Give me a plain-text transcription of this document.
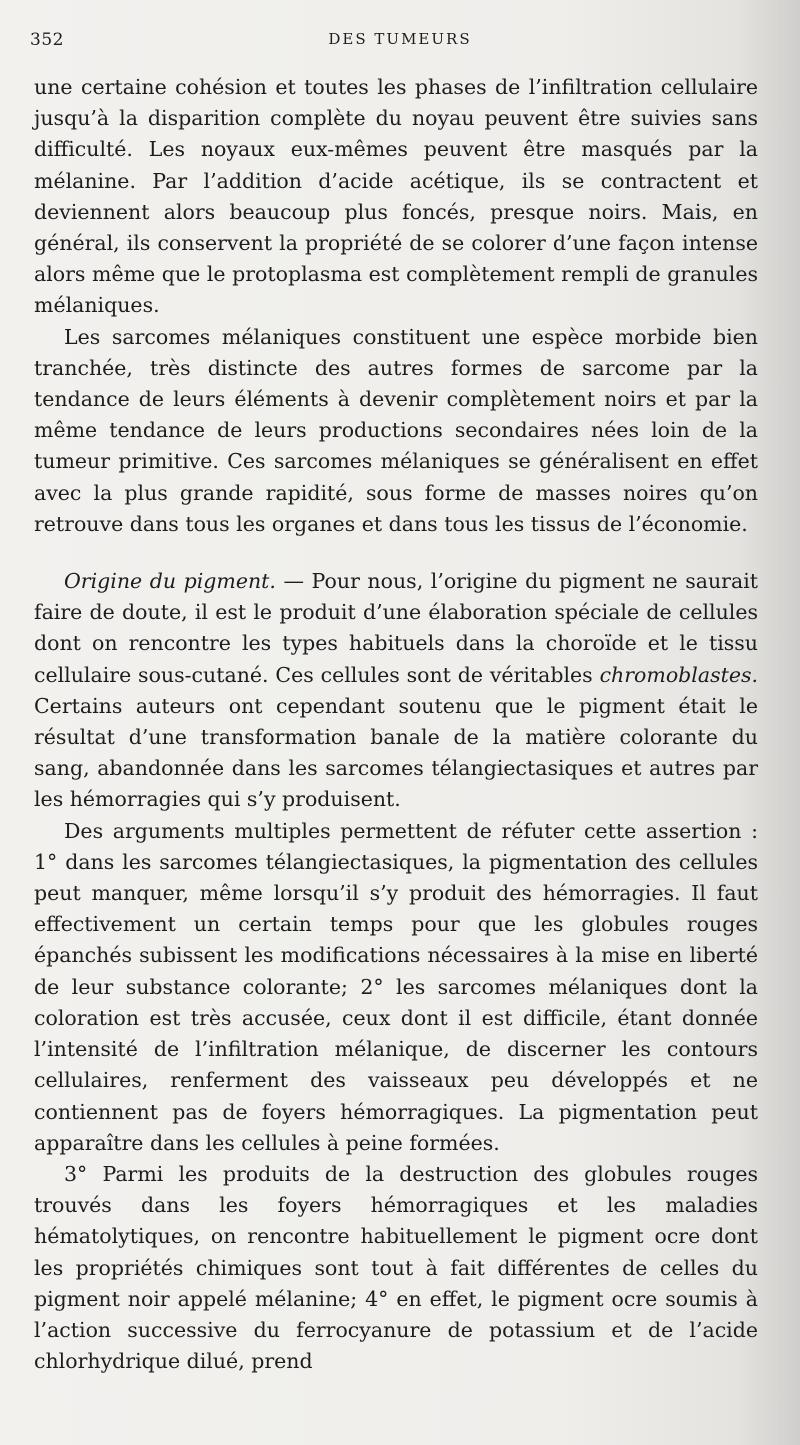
352	DES TUMEURS

une certaine cohésion et toutes les phases de l’infiltration cellulaire jusqu’à la disparition complète du noyau peuvent être suivies sans difficulté. Les noyaux eux-mêmes peuvent être masqués par la mélanine. Par l’addition d’acide acétique, ils se contractent et deviennent alors beaucoup plus foncés, presque noirs. Mais, en général, ils conservent la propriété de se colorer d’une façon intense alors même que le protoplasma est complètement rempli de granules mélaniques.

Les sarcomes mélaniques constituent une espèce morbide bien tranchée, très distincte des autres formes de sarcome par la tendance de leurs éléments à devenir complètement noirs et par la même tendance de leurs productions secondaires nées loin de la tumeur primitive. Ces sarcomes mélaniques se généralisent en effet avec la plus grande rapidité, sous forme de masses noires qu’on retrouve dans tous les organes et dans tous les tissus de l’économie.

Origine du pigment. — Pour nous, l’origine du pigment ne saurait faire de doute, il est le produit d’une élaboration spéciale de cellules dont on rencontre les types habituels dans la choroïde et le tissu cellulaire sous-cutané. Ces cellules sont de véritables chromoblastes. Certains auteurs ont cependant soutenu que le pigment était le résultat d’une transformation banale de la matière colorante du sang, abandonnée dans les sarcomes télangiectasiques et autres par les hémorragies qui s’y produisent.

Des arguments multiples permettent de réfuter cette assertion : 1° dans les sarcomes télangiectasiques, la pigmentation des cellules peut manquer, même lorsqu’il s’y produit des hémorragies. Il faut effectivement un certain temps pour que les globules rouges épanchés subissent les modifications nécessaires à la mise en liberté de leur substance colorante; 2° les sarcomes mélaniques dont la coloration est très accusée, ceux dont il est difficile, étant donnée l’intensité de l’infiltration mélanique, de discerner les contours cellulaires, renferment des vaisseaux peu développés et ne contiennent pas de foyers hémorragiques. La pigmentation peut apparaître dans les cellules à peine formées.

3° Parmi les produits de la destruction des globules rouges trouvés dans les foyers hémorragiques et les maladies hématolytiques, on rencontre habituellement le pigment ocre dont les propriétés chimiques sont tout à fait différentes de celles du pigment noir appelé mélanine; 4° en effet, le pigment ocre soumis à l’action successive du ferrocyanure de potassium et de l’acide chlorhydrique dilué, prend
